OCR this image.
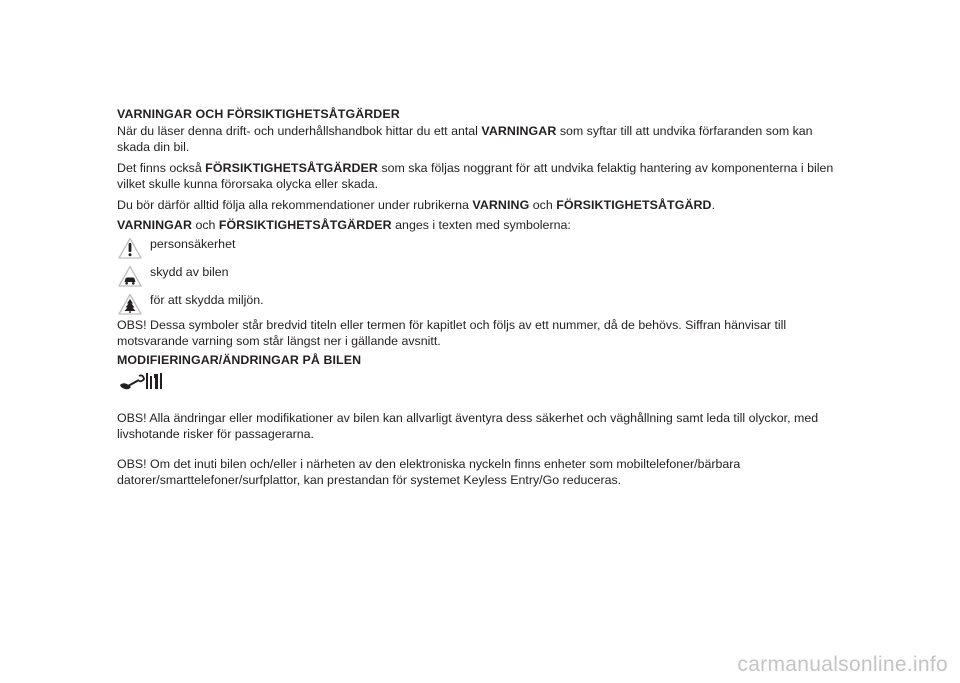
VARNINGAR OCH FÖRSIKTIGHETSÅTGÄRDER

När du läser denna drift- och underhållshandbok hittar du ett antal VARNINGAR som syftar till att undvika förfaranden som kan skada din bil.

Det finns också FÖRSIKTIGHETSÅTGÄRDER som ska följas noggrant för att undvika felaktig hantering av komponenterna i bilen vilket skulle kunna förorsaka olycka eller skada.

Du bör därför alltid följa alla rekommendationer under rubrikerna VARNING och FÖRSIKTIGHETSÅTGÄRD.

VARNINGAR och FÖRSIKTIGHETSÅTGÄRDER anges i texten med symbolerna:

personsäkerhet
skydd av bilen
för att skydda miljön.

OBS! Dessa symboler står bredvid titeln eller termen för kapitlet och följs av ett nummer, då de behövs. Siffran hänvisar till motsvarande varning som står längst ner i gällande avsnitt.

MODIFIERINGAR/ÄNDRINGAR PÅ BILEN

OBS! Alla ändringar eller modifikationer av bilen kan allvarligt äventyra dess säkerhet och väghållning samt leda till olyckor, med livshotande risker för passagerarna.

OBS! Om det inuti bilen och/eller i närheten av den elektroniska nyckeln finns enheter som mobiltelefoner/bärbara datorer/smarttelefoner/surfplattor, kan prestandan för systemet Keyless Entry/Go reduceras.

carmanualsonline.info
